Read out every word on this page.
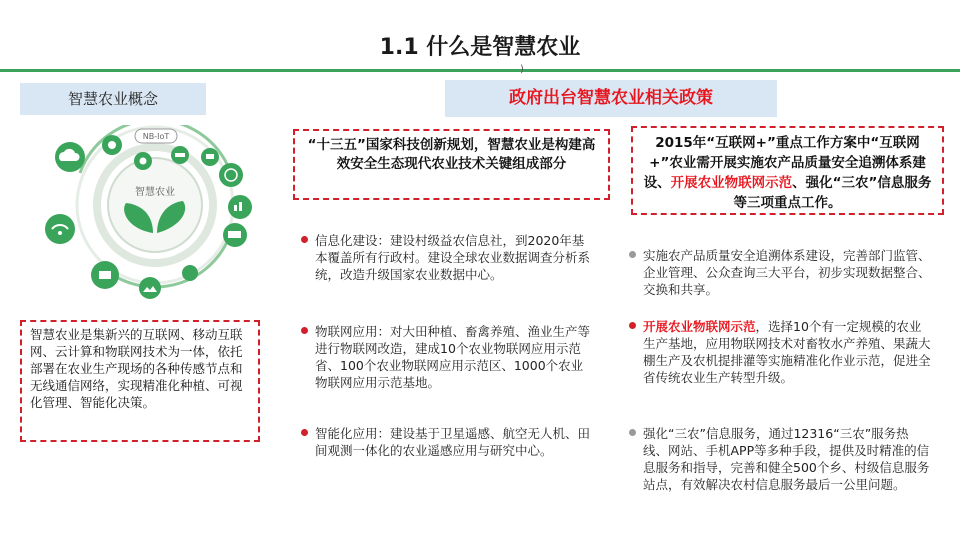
1.1 什么是智慧农业
)
智慧农业概念
智慧农业
NB-IoT
智慧农业是集新兴的互联网、移动互联网、云计算和物联网技术为一体，依托部署在农业生产现场的各种传感节点和无线通信网络，实现精准化种植、可视化管理、智能化决策。
政府出台智慧农业相关政策
“十三五”国家科技创新规划，智慧农业是构建高效安全生态现代农业技术关键组成部分
2015年“互联网+”重点工作方案中“互联网+”农业需开展实施农产品质量安全追溯体系建设、开展农业物联网示范、强化“三农”信息服务等三项重点工作。
信息化建设：建设村级益农信息社，到2020年基本覆盖所有行政村。建设全球农业数据调查分析系统，改造升级国家农业数据中心。
物联网应用：对大田种植、畜禽养殖、渔业生产等进行物联网改造，建成10个农业物联网应用示范省、100个农业物联网应用示范区、1000个农业物联网应用示范基地。
智能化应用：建设基于卫星遥感、航空无人机、田间观测一体化的农业遥感应用与研究中心。
实施农产品质量安全追溯体系建设，完善部门监管、企业管理、公众查询三大平台，初步实现数据整合、交换和共享。
开展农业物联网示范，选择10个有一定规模的农业生产基地，应用物联网技术对畜牧水产养殖、果蔬大棚生产及农机提排灌等实施精准化作业示范，促进全省传统农业生产转型升级。
强化“三农”信息服务，通过12316“三农”服务热线、网站、手机APP等多种手段，提供及时精准的信息服务和指导，完善和健全500个乡、村级信息服务站点，有效解决农村信息服务最后一公里问题。
